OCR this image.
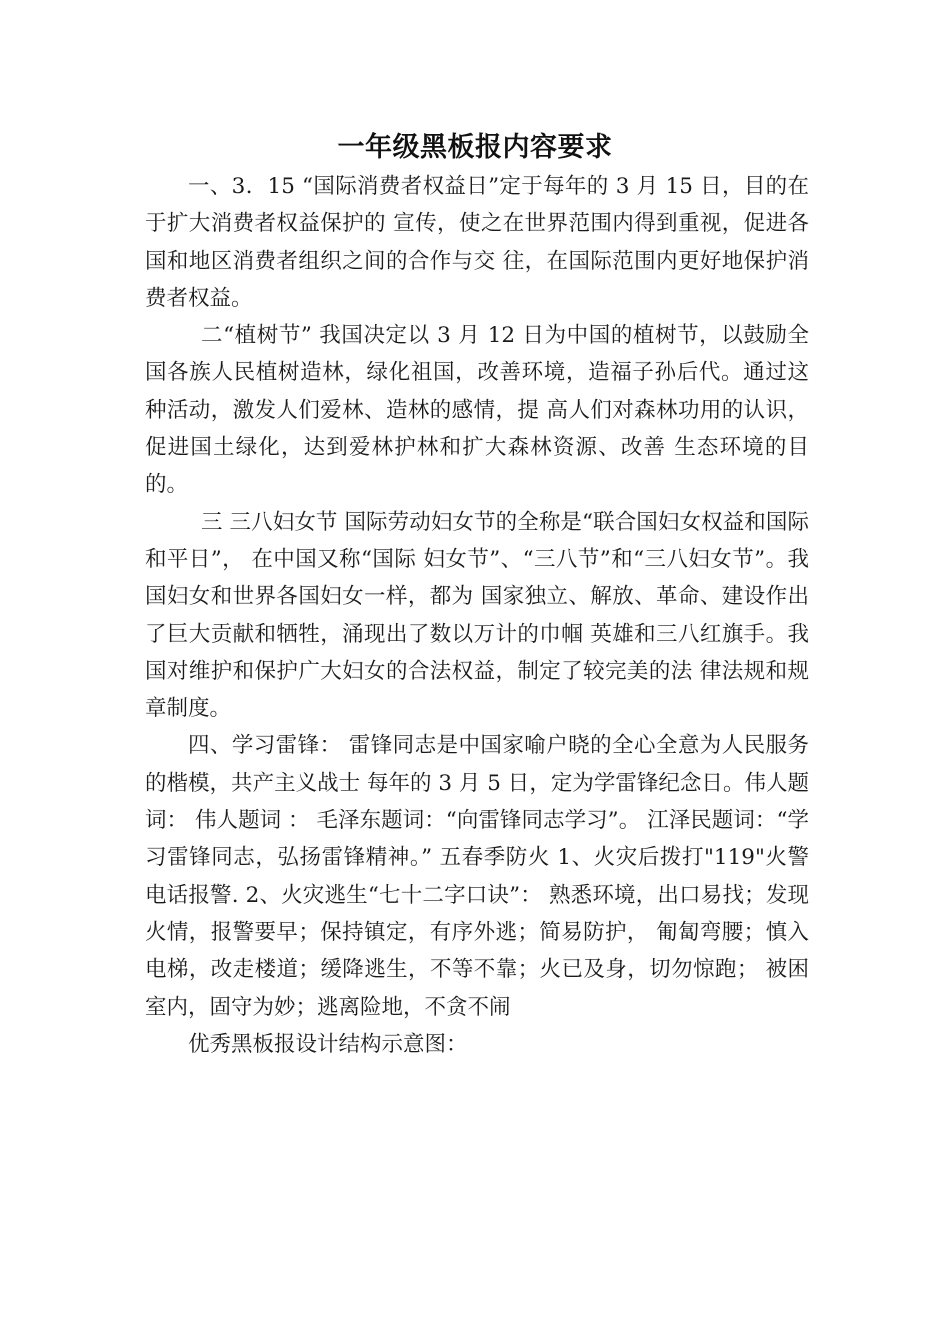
一年级黑板报内容要求

一、3．15 “国际消费者权益日”定于每年的 3 月 15 日，目的在于扩大消费者权益保护的 宣传，使之在世界范围内得到重视，促进各国和地区消费者组织之间的合作与交 往，在国际范围内更好地保护消费者权益。

二“植树节” 我国决定以 3 月 12 日为中国的植树节，以鼓励全国各族人民植树造林，绿化祖国，改善环境，造福子孙后代。通过这种活动，激发人们爱林、造林的感情，提 高人们对森林功用的认识，促进国土绿化，达到爱林护林和扩大森林资源、改善 生态环境的目的。

三 三八妇女节 国际劳动妇女节的全称是“联合国妇女权益和国际和平日”， 在中国又称“国际 妇女节”、“三八节”和“三八妇女节”。我国妇女和世界各国妇女一样，都为 国家独立、解放、革命、建设作出了巨大贡献和牺牲，涌现出了数以万计的巾帼 英雄和三八红旗手。我国对维护和保护广大妇女的合法权益，制定了较完美的法 律法规和规章制度。

四、学习雷锋： 雷锋同志是中国家喻户晓的全心全意为人民服务的楷模，共产主义战士 每年的 3 月 5 日，定为学雷锋纪念日。伟人题词： 伟人题词 ： 毛泽东题词：“向雷锋同志学习”。 江泽民题词：“学习雷锋同志，弘扬雷锋精神。” 五春季防火 1、火灾后拨打"119"火警电话报警. 2、火灾逃生“七十二字口诀”： 熟悉环境，出口易找；发现火情，报警要早；保持镇定，有序外逃；简易防护， 匍匐弯腰；慎入电梯，改走楼道；缓降逃生，不等不靠；火已及身，切勿惊跑； 被困室内，固守为妙；逃离险地，不贪不闹

优秀黑板报设计结构示意图：
